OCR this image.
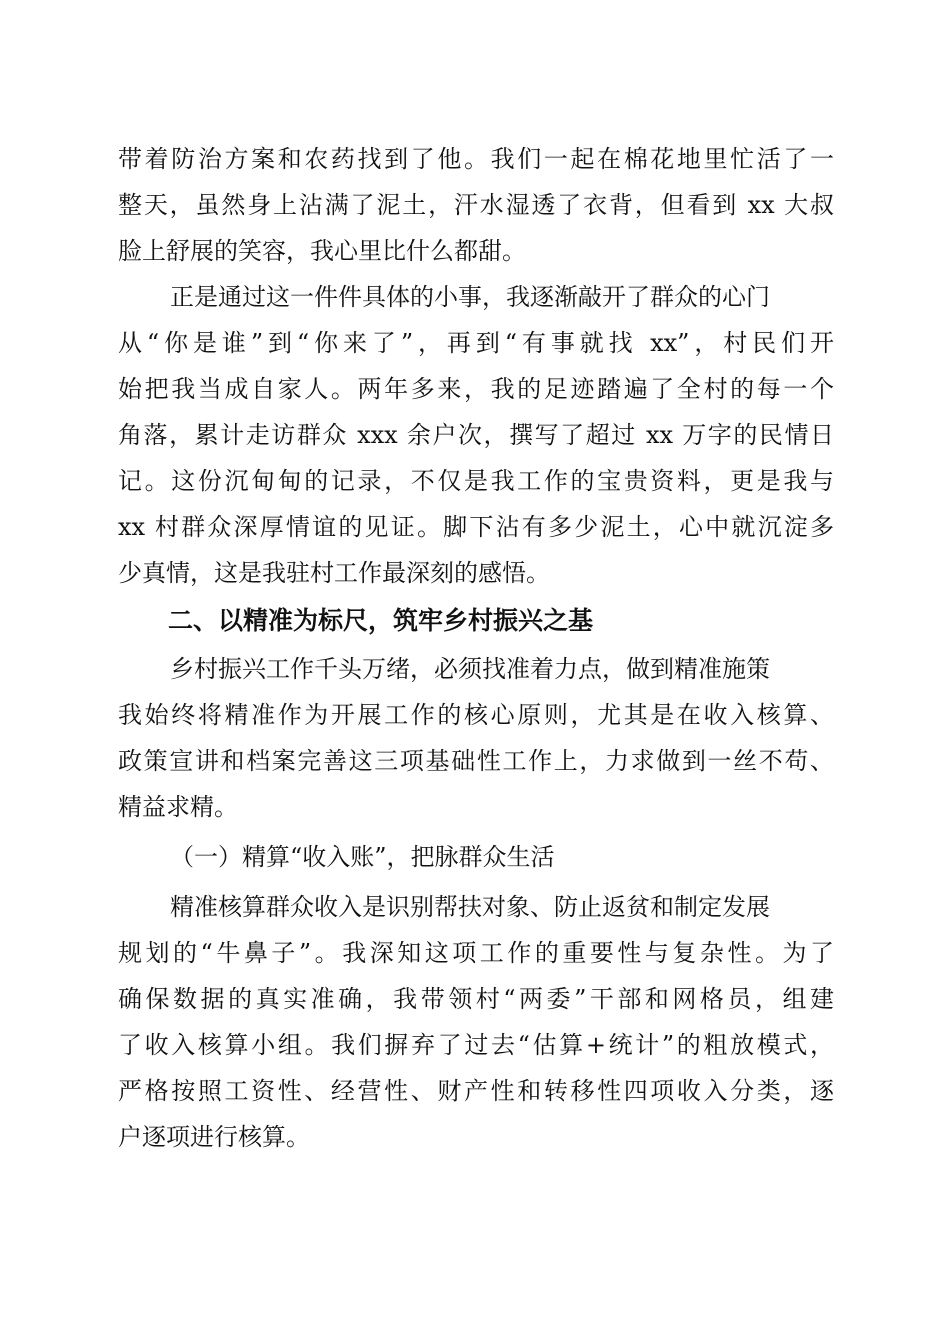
带着防治方案和农药找到了他。我们一起在棉花地里忙活了一
整天，虽然身上沾满了泥土，汗水湿透了衣背，但看到 xx 大叔
脸上舒展的笑容，我心里比什么都甜。
正是通过这一件件具体的小事，我逐渐敲开了群众的心门
从“你是谁”到“你来了”，再到“有事就找 xx”，村民们开
始把我当成自家人。两年多来，我的足迹踏遍了全村的每一个
角落，累计走访群众 xxx 余户次，撰写了超过 xx 万字的民情日
记。这份沉甸甸的记录，不仅是我工作的宝贵资料，更是我与
xx 村群众深厚情谊的见证。脚下沾有多少泥土，心中就沉淀多
少真情，这是我驻村工作最深刻的感悟。
二、以精准为标尺，筑牢乡村振兴之基
乡村振兴工作千头万绪，必须找准着力点，做到精准施策
我始终将精准作为开展工作的核心原则，尤其是在收入核算、
政策宣讲和档案完善这三项基础性工作上，力求做到一丝不苟、
精益求精。
（一）精算“收入账”，把脉群众生活
精准核算群众收入是识别帮扶对象、防止返贫和制定发展
规划的“牛鼻子”。我深知这项工作的重要性与复杂性。为了
确保数据的真实准确，我带领村“两委”干部和网格员，组建
了收入核算小组。我们摒弃了过去“估算+统计”的粗放模式，
严格按照工资性、经营性、财产性和转移性四项收入分类，逐
户逐项进行核算。
